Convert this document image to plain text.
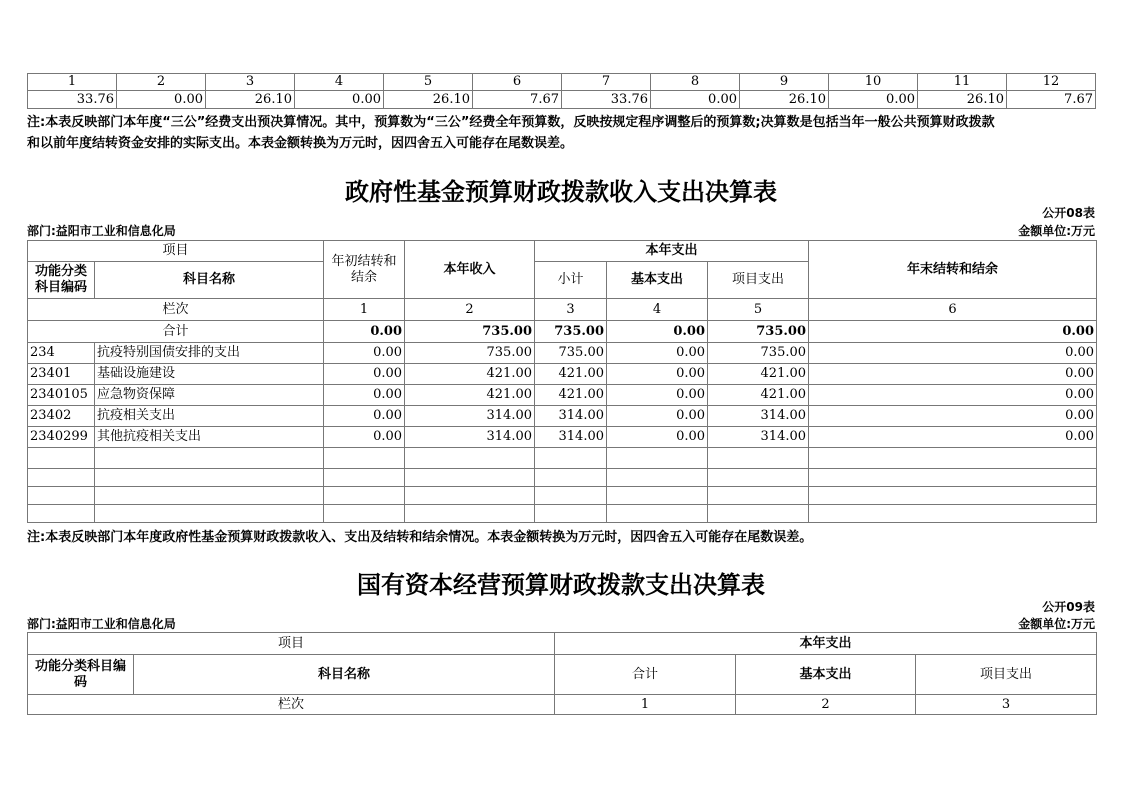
1	2	3	4	5	6	7	8	9	10	11	12
33.76	0.00	26.10	0.00	26.10	7.67	33.76	0.00	26.10	0.00	26.10	7.67
注:本表反映部门本年度“三公”经费支出预决算情况。其中，预算数为“三公”经费全年预算数，反映按规定程序调整后的预算数;决算数是包括当年一般公共预算财政拨款
和以前年度结转资金安排的实际支出。本表金额转换为万元时，因四舍五入可能存在尾数误差。
政府性基金预算财政拨款收入支出决算表
公开08表
部门:益阳市工业和信息化局	金额单位:万元
项目		年初结转和结余	本年收入	本年支出			年末结转和结余
功能分类科目编码	科目名称			小计	基本支出	项目支出	
栏次		1	2	3	4	5	6
合计		0.00	735.00	735.00	0.00	735.00	0.00
234	抗疫特别国债安排的支出	0.00	735.00	735.00	0.00	735.00	0.00
23401	基础设施建设	0.00	421.00	421.00	0.00	421.00	0.00
2340105	应急物资保障	0.00	421.00	421.00	0.00	421.00	0.00
23402	抗疫相关支出	0.00	314.00	314.00	0.00	314.00	0.00
2340299	其他抗疫相关支出	0.00	314.00	314.00	0.00	314.00	0.00

注:本表反映部门本年度政府性基金预算财政拨款收入、支出及结转和结余情况。本表金额转换为万元时，因四舍五入可能存在尾数误差。
国有资本经营预算财政拨款支出决算表
公开09表
部门:益阳市工业和信息化局	金额单位:万元
项目		本年支出		
功能分类科目编码	科目名称	合计	基本支出	项目支出
栏次		1	2	3
